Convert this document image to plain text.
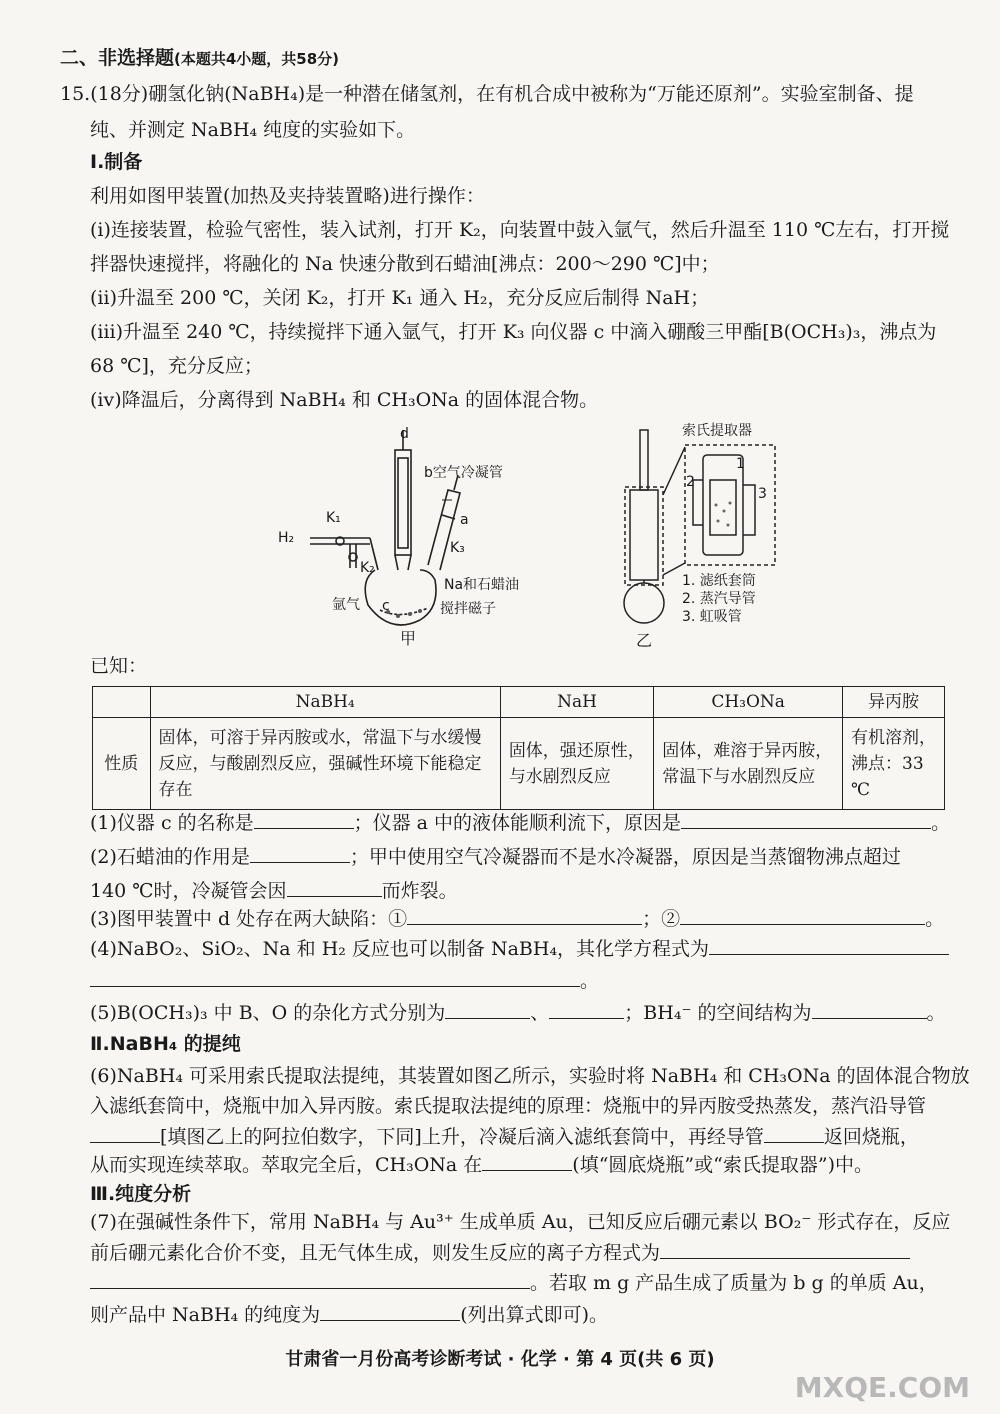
二、非选择题(本题共4小题，共58分)
15.(18分)硼氢化钠(NaBH₄)是一种潜在储氢剂，在有机合成中被称为“万能还原剂”。实验室制备、提
纯、并测定 NaBH₄ 纯度的实验如下。
Ⅰ.制备
利用如图甲装置(加热及夹持装置略)进行操作：
(ⅰ)连接装置，检验气密性，装入试剂，打开 K₂，向装置中鼓入氩气，然后升温至 110 ℃左右，打开搅
拌器快速搅拌，将融化的 Na 快速分散到石蜡油[沸点：200～290 ℃]中；
(ⅱ)升温至 200 ℃，关闭 K₂，打开 K₁ 通入 H₂，充分反应后制得 NaH；
(ⅲ)升温至 240 ℃，持续搅拌下通入氩气，打开 K₃ 向仪器 c 中滴入硼酸三甲酯[B(OCH₃)₃，沸点为
68 ℃]，充分反应；
(ⅳ)降温后，分离得到 NaBH₄ 和 CH₃ONa 的固体混合物。
d
b空气冷凝管
a
K₃
H₂
K₁
K₂
氩气 c
Na和石蜡油
搅拌磁子
甲
索氏提取器
1
2
3
1. 滤纸套筒
2. 蒸汽导管
3. 虹吸管
乙
已知：
	NaBH₄	NaH	CH₃ONa	异丙胺
性质	固体，可溶于异丙胺或水，常温下与水缓慢反应，与酸剧烈反应，强碱性环境下能稳定存在	固体，强还原性，与水剧烈反应	固体，难溶于异丙胺，常温下与水剧烈反应	有机溶剂，沸点：33 ℃
(1)仪器 c 的名称是	；仪器 a 中的液体能顺利流下，原因是	。
(2)石蜡油的作用是	；甲中使用空气冷凝器而不是水冷凝器，原因是当蒸馏物沸点超过
140 ℃时，冷凝管会因	而炸裂。
(3)图甲装置中 d 处存在两大缺陷：①	；②	。
(4)NaBO₂、SiO₂、Na 和 H₂ 反应也可以制备 NaBH₄，其化学方程式为
。
(5)B(OCH₃)₃ 中 B、O 的杂化方式分别为	、	；BH₄⁻ 的空间结构为	。
Ⅱ.NaBH₄ 的提纯
(6)NaBH₄ 可采用索氏提取法提纯，其装置如图乙所示，实验时将 NaBH₄ 和 CH₃ONa 的固体混合物放
入滤纸套筒中，烧瓶中加入异丙胺。索氏提取法提纯的原理：烧瓶中的异丙胺受热蒸发，蒸汽沿导管
[填图乙上的阿拉伯数字，下同]上升，冷凝后滴入滤纸套筒中，再经导管	返回烧瓶，
从而实现连续萃取。萃取完全后，CH₃ONa 在	(填“圆底烧瓶”或“索氏提取器”)中。
Ⅲ.纯度分析
(7)在强碱性条件下，常用 NaBH₄ 与 Au³⁺ 生成单质 Au，已知反应后硼元素以 BO₂⁻ 形式存在，反应
前后硼元素化合价不变，且无气体生成，则发生反应的离子方程式为
。若取 m g 产品生成了质量为 b g 的单质 Au，
则产品中 NaBH₄ 的纯度为	(列出算式即可)。
甘肃省一月份高考诊断考试 · 化学 · 第 4 页(共 6 页)
MXQE.COM
